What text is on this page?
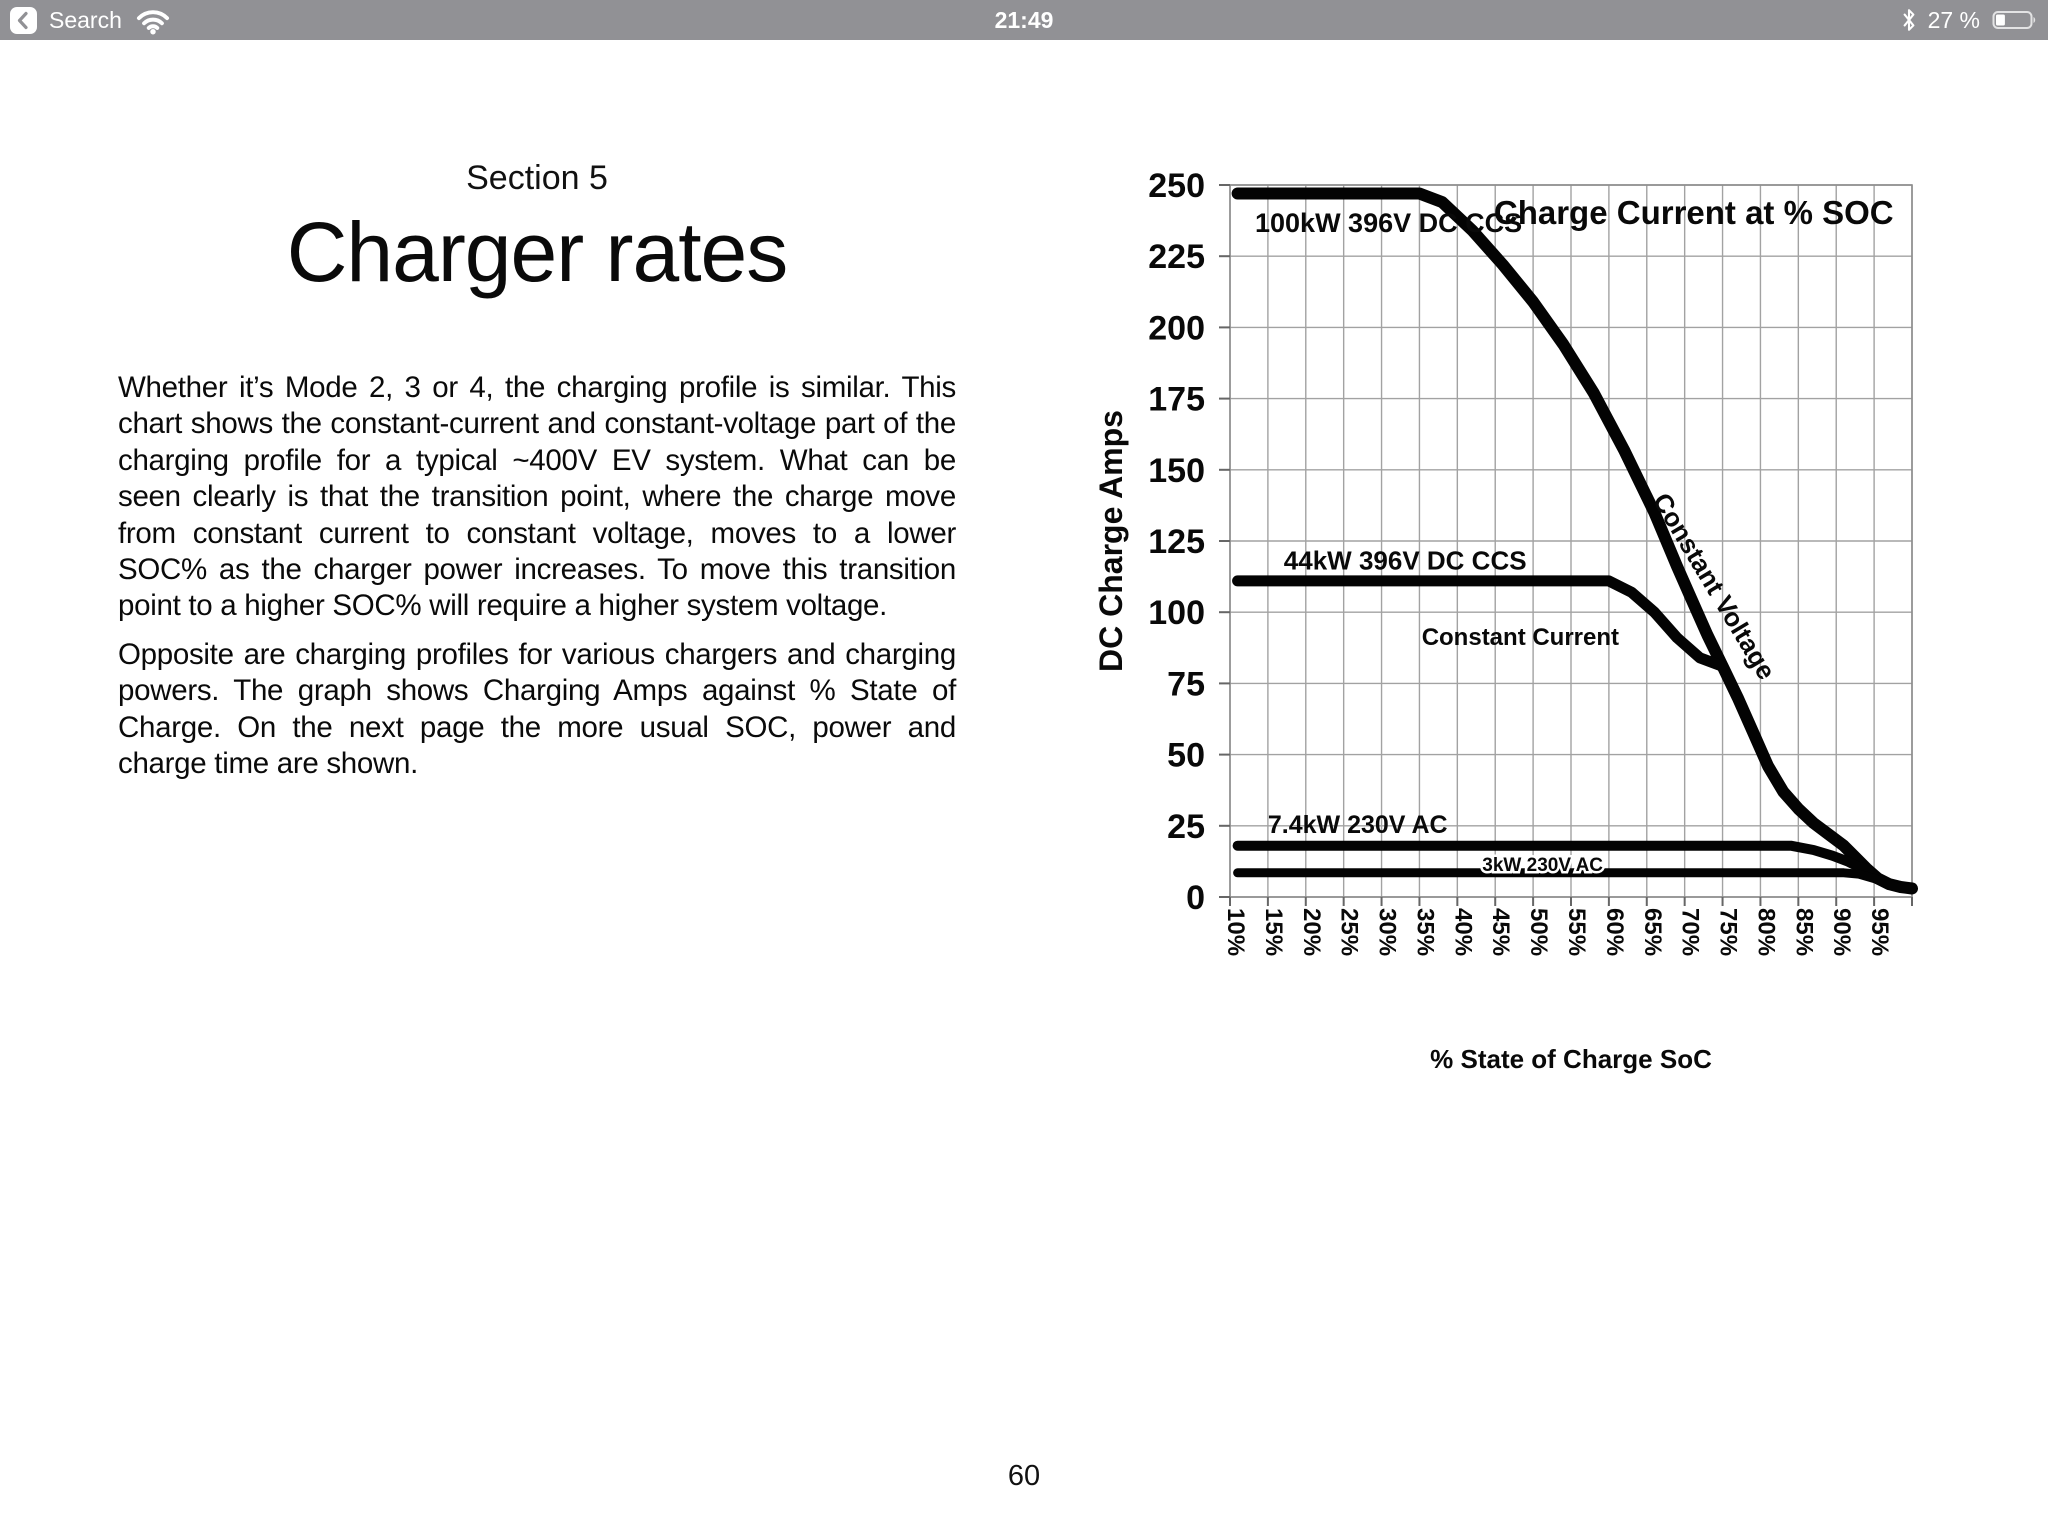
Search	21:49	27 %
Section 5
Charger rates

Whether it’s Mode 2, 3 or 4, the charging profile is similar. This chart shows the constant-current and constant-voltage part of the charging profile for a typical ~400V EV system. What can be seen clearly is that the transition point, where the charge move from constant current to constant voltage, moves to a lower SOC% as the charger power increases. To move this transition point to a higher SOC% will require a higher system voltage.

Opposite are charging profiles for various chargers and charging powers. The graph shows Charging Amps against % State of Charge. On the next page the more usual SOC, power and charge time are shown.

0
25
50
75
100
125
150
175
200
225
250
10% 15% 20% 25% 30% 35% 40% 45% 50% 55% 60% 65% 70% 75% 80% 85% 90% 95%
% State of Charge SoC
DC Charge Amps
Charge Current at % SOC
100kW 396V DC CCS
44kW 396V DC CCS
Constant Current Constant Voltage
7.4kW 230V AC
3kW 230V AC
60
